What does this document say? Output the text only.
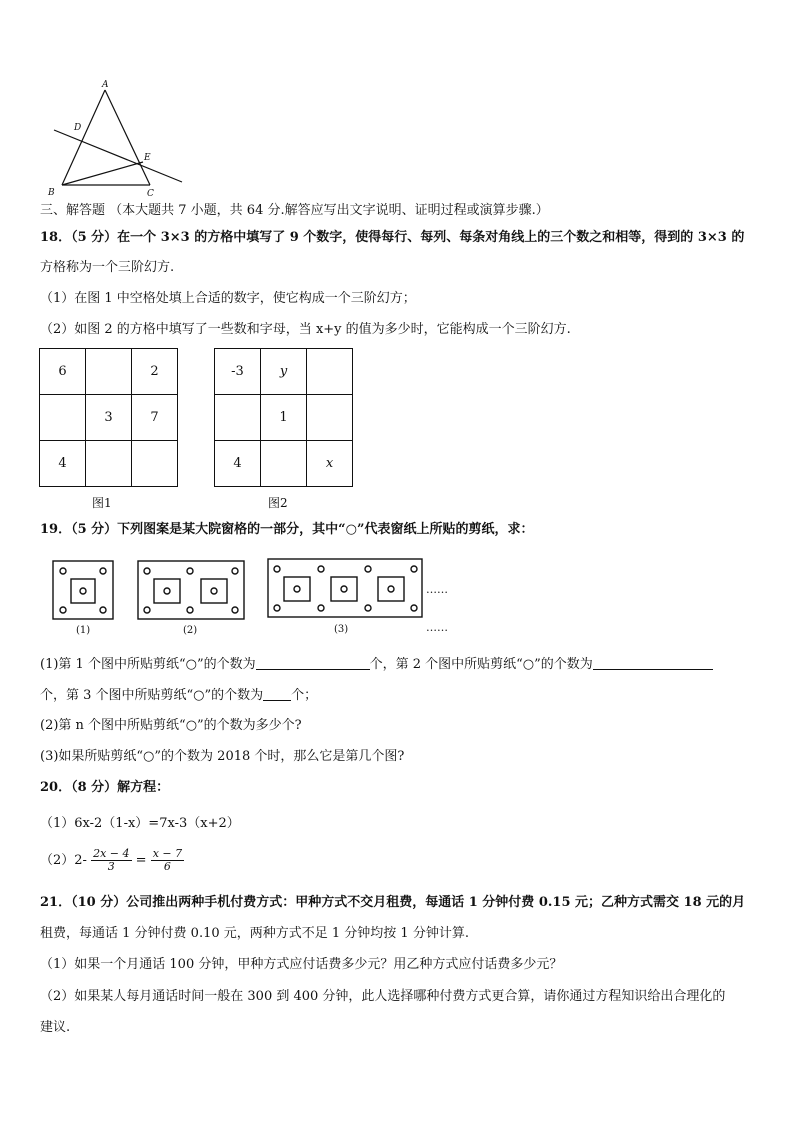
A
D
E
B	C
三、解答题 （本大题共 7 小题，共 64 分.解答应写出文字说明、证明过程或演算步骤.）
18．（5 分）在一个 3×3 的方格中填写了 9 个数字，使得每行、每列、每条对角线上的三个数之和相等，得到的 3×3 的
方格称为一个三阶幻方.
（1）在图 1 中空格处填上合适的数字，使它构成一个三阶幻方；
（2）如图 2 的方格中填写了一些数和字母，当 x+y 的值为多少时，它能构成一个三阶幻方.
6		2
	3	7
4		
图1
-3	y	
	1	
4		x
图2
19．（5 分）下列图案是某大院窗格的一部分，其中“○”代表窗纸上所贴的剪纸，求：
(1)	(2)	(3)
……
……
(1)第 1 个图中所贴剪纸“○”的个数为	个，第 2 个图中所贴剪纸“○”的个数为
个，第 3 个图中所贴剪纸“○”的个数为 个；
(2)第 n 个图中所贴剪纸“○”的个数为多少个?
(3)如果所贴剪纸“○”的个数为 2018 个时，那么它是第几个图?
20．（8 分）解方程：
（1）6x-2（1-x）=7x-3（x+2）
$(2)2- \frac{2x - 4}{3} = \frac{x - 7}{6}$
21．（10 分）公司推出两种手机付费方式：甲种方式不交月租费，每通话 1 分钟付费 0.15 元；乙种方式需交 18 元的月
租费，每通话 1 分钟付费 0.10 元，两种方式不足 1 分钟均按 1 分钟计算.
（1）如果一个月通话 100 分钟，甲种方式应付话费多少元？用乙种方式应付话费多少元？
（2）如果某人每月通话时间一般在 300 到 400 分钟，此人选择哪种付费方式更合算，请你通过方程知识给出合理化的
建议.
